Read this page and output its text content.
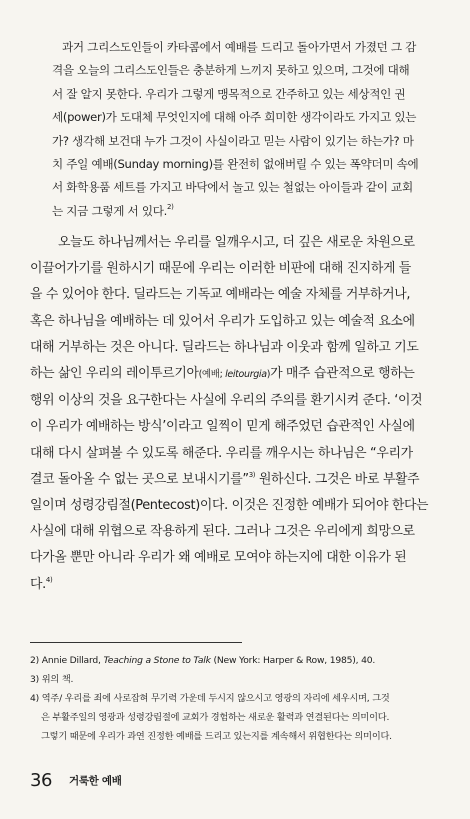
과거 그리스도인들이 카타콤에서 예배를 드리고 돌아가면서 가졌던 그 감
격을 오늘의 그리스도인들은 충분하게 느끼지 못하고 있으며, 그것에 대해
서 잘 알지 못한다. 우리가 그렇게 맹목적으로 간주하고 있는 세상적인 권
세(power)가 도대체 무엇인지에 대해 아주 희미한 생각이라도 가지고 있는
가? 생각해 보건대 누가 그것이 사실이라고 믿는 사람이 있기는 하는가? 마
치 주일 예배(Sunday morning)를 완전히 없애버릴 수 있는 폭약더미 속에
서 화학용품 세트를 가지고 바닥에서 놀고 있는 철없는 아이들과 같이 교회
는 지금 그렇게 서 있다.$^{2)}$
오늘도 하나님께서는 우리를 일깨우시고, 더 깊은 새로운 차원으로
이끌어가기를 원하시기 때문에 우리는 이러한 비판에 대해 진지하게 들
을 수 있어야 한다. 딜라드는 기독교 예배라는 예술 자체를 거부하거나,
혹은 하나님을 예배하는 데 있어서 우리가 도입하고 있는 예술적 요소에
대해 거부하는 것은 아니다. 딜라드는 하나님과 이웃과 함께 일하고 기도
하는 삶인 우리의 레이투르기아(예배; leitourgia)가 매주 습관적으로 행하는
행위 이상의 것을 요구한다는 사실에 우리의 주의를 환기시켜 준다. ‘이것
이 우리가 예배하는 방식’이라고 일찍이 믿게 해주었던 습관적인 사실에
대해 다시 살펴볼 수 있도록 해준다. 우리를 깨우시는 하나님은 “우리가
결코 돌아올 수 없는 곳으로 보내시기를”$^{3)}$ 원하신다. 그것은 바로 부활주
일이며 성령강림절(Pentecost)이다. 이것은 진정한 예배가 되어야 한다는
사실에 대해 위협으로 작용하게 된다. 그러나 그것은 우리에게 희망으로
다가올 뿐만 아니라 우리가 왜 예배로 모여야 하는지에 대한 이유가 된
다.$^{4)}$
2) Annie Dillard, Teaching a Stone to Talk (New York: Harper & Row, 1985), 40.
3) 위의 책.
4) 역주/ 우리를 죄에 사로잡혀 무기력 가운데 두시지 않으시고 영광의 자리에 세우시며, 그것
은 부활주일의 영광과 성령강림절에 교회가 경험하는 새로운 활력과 연결된다는 의미이다.
그렇기 때문에 우리가 과연 진정한 예배를 드리고 있는지를 계속해서 위협한다는 의미이다.
36 거룩한 예배
